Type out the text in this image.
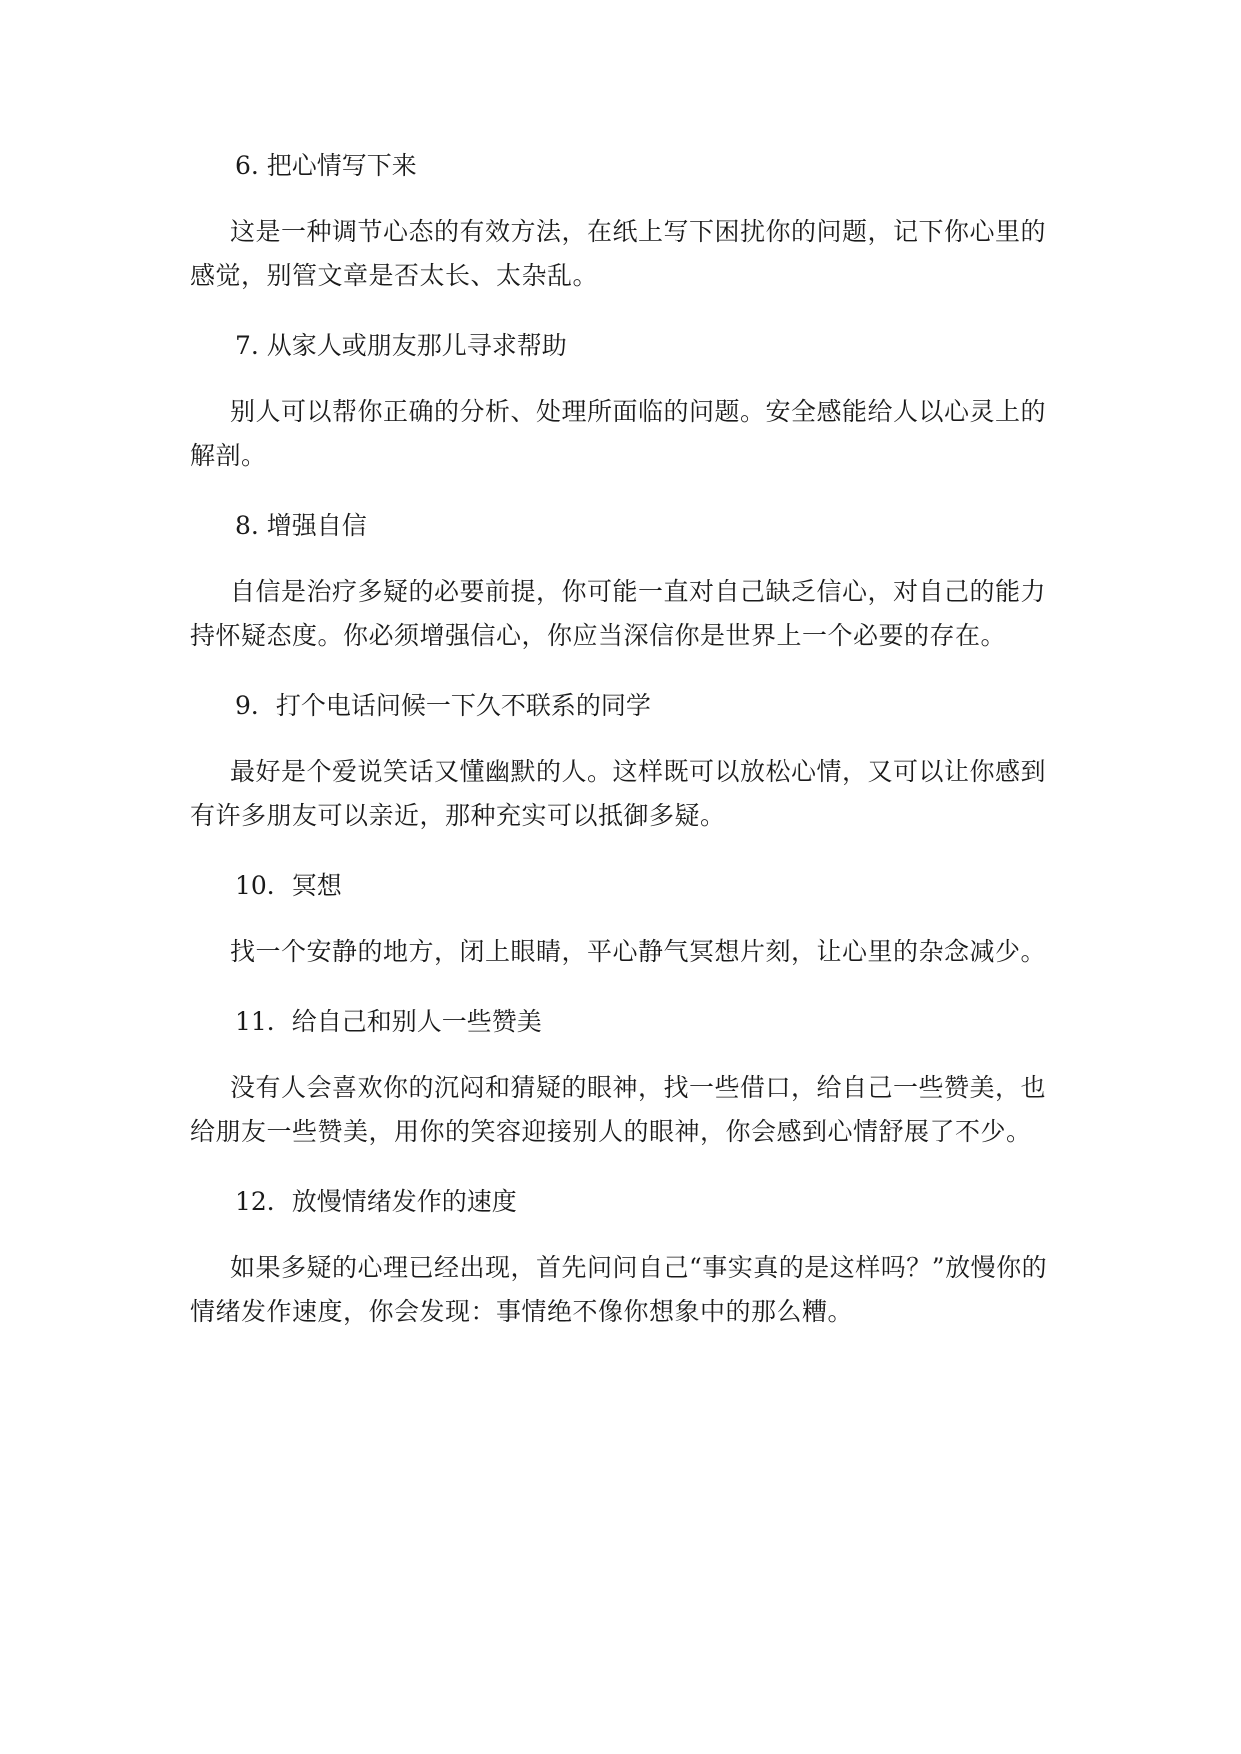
6. 把心情写下来

这是一种调节心态的有效方法，在纸上写下困扰你的问题，记下你心里的感觉，别管文章是否太长、太杂乱。

7. 从家人或朋友那儿寻求帮助

别人可以帮你正确的分析、处理所面临的问题。安全感能给人以心灵上的解剖。

8. 增强自信

自信是治疗多疑的必要前提，你可能一直对自己缺乏信心，对自己的能力持怀疑态度。你必须增强信心，你应当深信你是世界上一个必要的存在。

9．打个电话问候一下久不联系的同学

最好是个爱说笑话又懂幽默的人。这样既可以放松心情，又可以让你感到有许多朋友可以亲近，那种充实可以抵御多疑。

10．冥想

找一个安静的地方，闭上眼睛，平心静气冥想片刻，让心里的杂念减少。

11．给自己和别人一些赞美

没有人会喜欢你的沉闷和猜疑的眼神，找一些借口，给自己一些赞美，也给朋友一些赞美，用你的笑容迎接别人的眼神，你会感到心情舒展了不少。

12．放慢情绪发作的速度

如果多疑的心理已经出现，首先问问自己“事实真的是这样吗？”放慢你的情绪发作速度，你会发现：事情绝不像你想象中的那么糟。
